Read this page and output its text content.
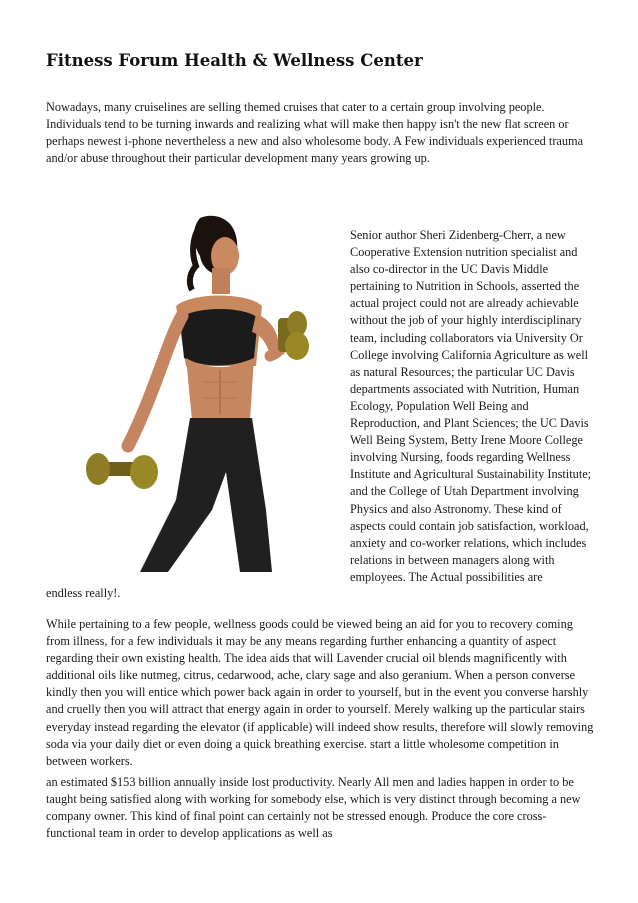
Fitness Forum Health & Wellness Center

Nowadays, many cruiselines are selling themed cruises that cater to a certain group involving people. Individuals tend to be turning inwards and realizing what will make then happy isn't the new flat screen or perhaps newest i-phone nevertheless a new and also wholesome body. A Few individuals experienced trauma and/or abuse throughout their particular development many years growing up.

Senior author Sheri Zidenberg-Cherr, a new Cooperative Extension nutrition specialist and also co-director in the UC Davis Middle pertaining to Nutrition in Schools, asserted the actual project could not are already achievable without the job of your highly interdisciplinary team, including collaborators via University Or College involving California Agriculture as well as natural Resources; the particular UC Davis departments associated with Nutrition, Human Ecology, Population Well Being and Reproduction, and Plant Sciences; the UC Davis Well Being System, Betty Irene Moore College involving Nursing, foods regarding Wellness Institute and Agricultural Sustainability Institute; and the College of Utah Department involving Physics and also Astronomy. These kind of aspects could contain job satisfaction, workload, anxiety and co-worker relations, which includes relations in between managers along with employees. The Actual possibilities are

endless really!.

While pertaining to a few people, wellness goods could be viewed being an aid for you to recovery coming from illness, for a few individuals it may be any means regarding further enhancing a quantity of aspect regarding their own existing health. The idea aids that will Lavender crucial oil blends magnificently with additional oils like nutmeg, citrus, cedarwood, ache, clary sage and also geranium. When a person converse kindly then you will entice which power back again in order to yourself, but in the event you converse harshly and cruelly then you will attract that energy again in order to yourself. Merely walking up the particular stairs everyday instead regarding the elevator (if applicable) will indeed show results, therefore will slowly removing soda via your daily diet or even doing a quick breathing exercise. start a little wholesome competition in between workers.

an estimated $153 billion annually inside lost productivity. Nearly All men and ladies happen in order to be taught being satisfied along with working for somebody else, which is very distinct through becoming a new company owner. This kind of final point can certainly not be stressed enough. Produce the core cross-functional team in order to develop applications as well as
